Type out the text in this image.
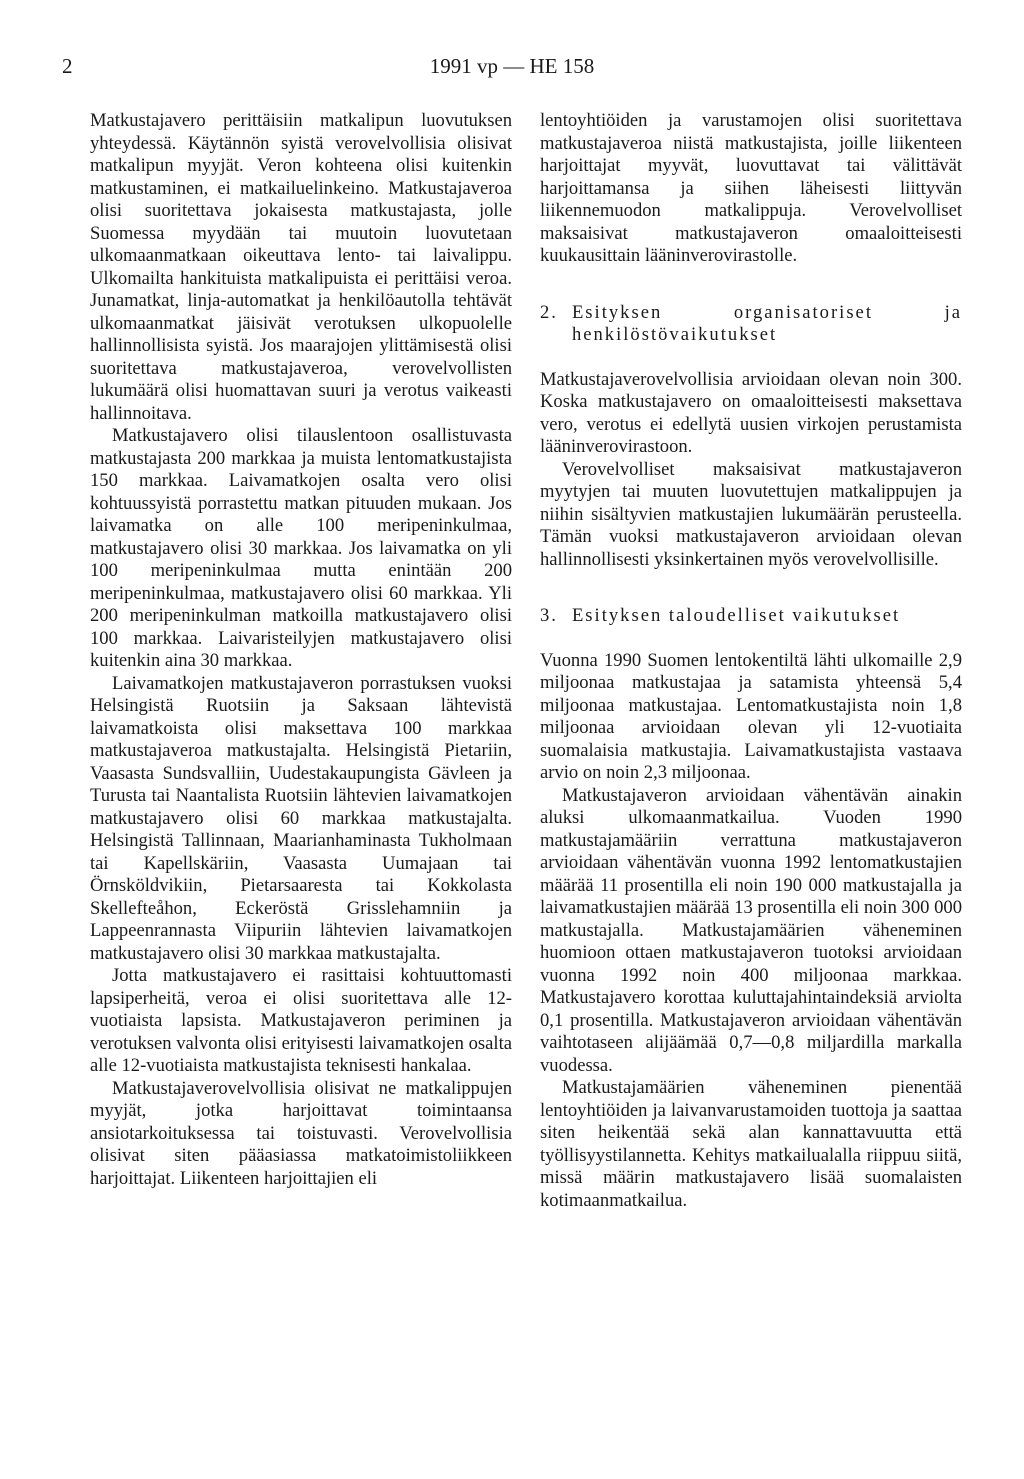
2	1991 vp — HE 158

Matkustajavero perittäisiin matkalipun luovutuksen yhteydessä. Käytännön syistä verovelvollisia olisivat matkalipun myyjät. Veron kohteena olisi kuitenkin matkustaminen, ei matkailuelinkeino. Matkustajaveroa olisi suoritettava jokaisesta matkustajasta, jolle Suomessa myydään tai muutoin luovutetaan ulkomaanmatkaan oikeuttava lento- tai laivalippu. Ulkomailta hankituista matkalipuista ei perittäisi veroa. Junamatkat, linja-automatkat ja henkilöautolla tehtävät ulkomaanmatkat jäisivät verotuksen ulkopuolelle hallinnollisista syistä. Jos maarajojen ylittämisestä olisi suoritettava matkustajaveroa, verovelvollisten lukumäärä olisi huomattavan suuri ja verotus vaikeasti hallinnoitava.

Matkustajavero olisi tilauslentoon osallistuvasta matkustajasta 200 markkaa ja muista lentomatkustajista 150 markkaa. Laivamatkojen osalta vero olisi kohtuussyistä porrastettu matkan pituuden mukaan. Jos laivamatka on alle 100 meripeninkulmaa, matkustajavero olisi 30 markkaa. Jos laivamatka on yli 100 meripeninkulmaa mutta enintään 200 meripeninkulmaa, matkustajavero olisi 60 markkaa. Yli 200 meripeninkulman matkoilla matkustajavero olisi 100 markkaa. Laivaristeilyjen matkustajavero olisi kuitenkin aina 30 markkaa.

Laivamatkojen matkustajaveron porrastuksen vuoksi Helsingistä Ruotsiin ja Saksaan lähtevistä laivamatkoista olisi maksettava 100 markkaa matkustajaveroa matkustajalta. Helsingistä Pietariin, Vaasasta Sundsvalliin, Uudestakaupungista Gävleen ja Turusta tai Naantalista Ruotsiin lähtevien laivamatkojen matkustajavero olisi 60 markkaa matkustajalta. Helsingistä Tallinnaan, Maarianhaminasta Tukholmaan tai Kapellskäriin, Vaasasta Uumajaan tai Örnsköldvikiin, Pietarsaaresta tai Kokkolasta Skellefteåhon, Eckeröstä Grisslehamniin ja Lappeenrannasta Viipuriin lähtevien laivamatkojen matkustajavero olisi 30 markkaa matkustajalta.

Jotta matkustajavero ei rasittaisi kohtuuttomasti lapsiperheitä, veroa ei olisi suoritettava alle 12-vuotiaista lapsista. Matkustajaveron periminen ja verotuksen valvonta olisi erityisesti laivamatkojen osalta alle 12-vuotiaista matkustajista teknisesti hankalaa.

Matkustajaverovelvollisia olisivat ne matkalippujen myyjät, jotka harjoittavat toimintaansa ansiotarkoituksessa tai toistuvasti. Verovelvollisia olisivat siten pääasiassa matkatoimistoliikkeen harjoittajat. Liikenteen harjoittajien eli

lentoyhtiöiden ja varustamojen olisi suoritettava matkustajaveroa niistä matkustajista, joille liikenteen harjoittajat myyvät, luovuttavat tai välittävät harjoittamansa ja siihen läheisesti liittyvän liikennemuodon matkalippuja. Verovelvolliset maksaisivat matkustajaveron omaaloitteisesti kuukausittain lääninverovirastolle.

2. Esityksen organisatoriset ja henkilöstövaikutukset

Matkustajaverovelvollisia arvioidaan olevan noin 300. Koska matkustajavero on omaaloitteisesti maksettava vero, verotus ei edellytä uusien virkojen perustamista lääninverovirastoon.

Verovelvolliset maksaisivat matkustajaveron myytyjen tai muuten luovutettujen matkalippujen ja niihin sisältyvien matkustajien lukumäärän perusteella. Tämän vuoksi matkustajaveron arvioidaan olevan hallinnollisesti yksinkertainen myös verovelvollisille.

3. Esityksen taloudelliset vaikutukset

Vuonna 1990 Suomen lentokentiltä lähti ulkomaille 2,9 miljoonaa matkustajaa ja satamista yhteensä 5,4 miljoonaa matkustajaa. Lentomatkustajista noin 1,8 miljoonaa arvioidaan olevan yli 12-vuotiaita suomalaisia matkustajia. Laivamatkustajista vastaava arvio on noin 2,3 miljoonaa.

Matkustajaveron arvioidaan vähentävän ainakin aluksi ulkomaanmatkailua. Vuoden 1990 matkustajamääriin verrattuna matkustajaveron arvioidaan vähentävän vuonna 1992 lentomatkustajien määrää 11 prosentilla eli noin 190 000 matkustajalla ja laivamatkustajien määrää 13 prosentilla eli noin 300 000 matkustajalla. Matkustajamäärien väheneminen huomioon ottaen matkustajaveron tuotoksi arvioidaan vuonna 1992 noin 400 miljoonaa markkaa. Matkustajavero korottaa kuluttajahintaindeksiä arviolta 0,1 prosentilla. Matkustajaveron arvioidaan vähentävän vaihtotaseen alijäämää 0,7—0,8 miljardilla markalla vuodessa.

Matkustajamäärien väheneminen pienentää lentoyhtiöiden ja laivanvarustamoiden tuottoja ja saattaa siten heikentää sekä alan kannattavuutta että työllisyystilannetta. Kehitys matkailualalla riippuu siitä, missä määrin matkustajavero lisää suomalaisten kotimaanmatkailua.
